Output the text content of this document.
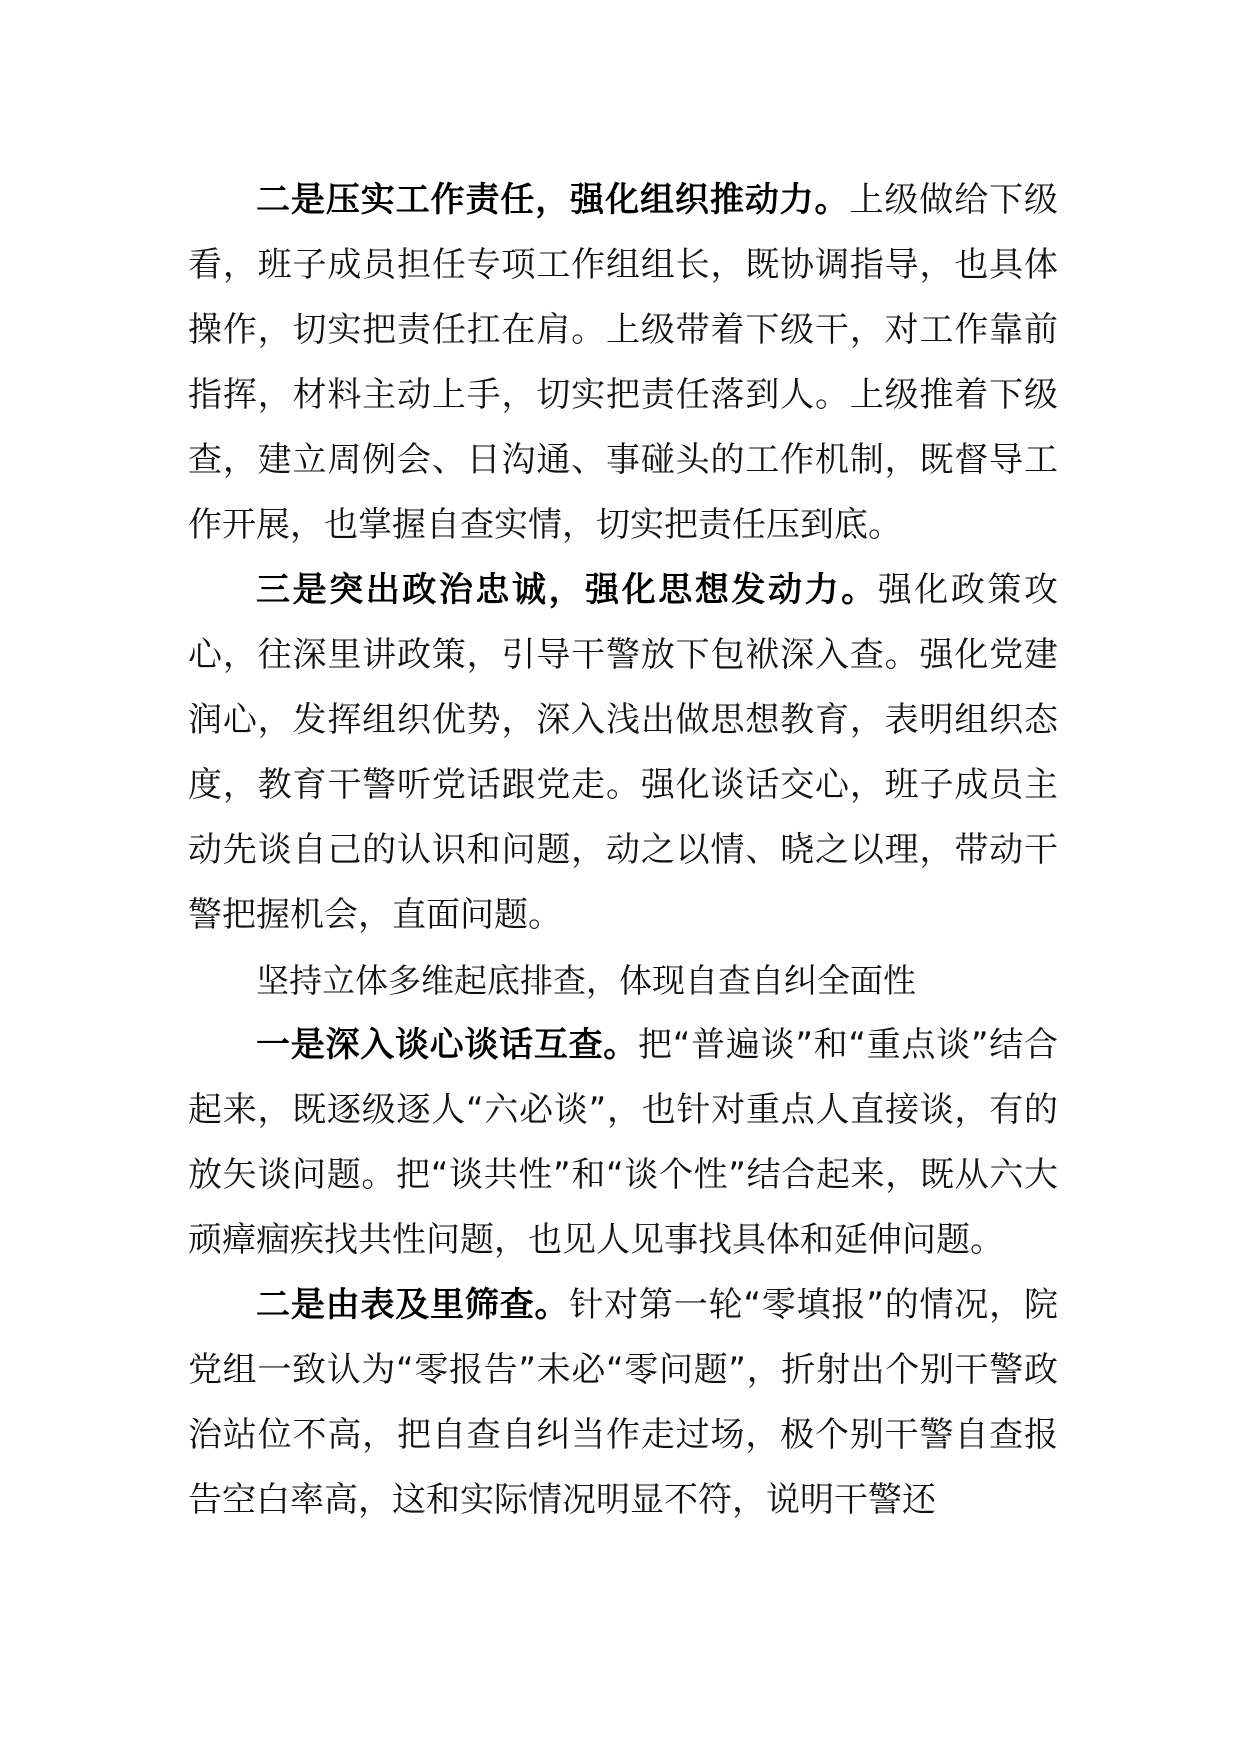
二是压实工作责任，强化组织推动力。上级做给下级看，班子成员担任专项工作组组长，既协调指导，也具体操作，切实把责任扛在肩。上级带着下级干，对工作靠前指挥，材料主动上手，切实把责任落到人。上级推着下级查，建立周例会、日沟通、事碰头的工作机制，既督导工作开展，也掌握自查实情，切实把责任压到底。

三是突出政治忠诚，强化思想发动力。强化政策攻心，往深里讲政策，引导干警放下包袱深入查。强化党建润心，发挥组织优势，深入浅出做思想教育，表明组织态度，教育干警听党话跟党走。强化谈话交心，班子成员主动先谈自己的认识和问题，动之以情、晓之以理，带动干警把握机会，直面问题。

坚持立体多维起底排查，体现自查自纠全面性

一是深入谈心谈话互查。把“普遍谈”和“重点谈”结合起来，既逐级逐人“六必谈”，也针对重点人直接谈，有的放矢谈问题。把“谈共性”和“谈个性”结合起来，既从六大顽瘴痼疾找共性问题，也见人见事找具体和延伸问题。

二是由表及里筛查。针对第一轮“零填报”的情况，院党组一致认为“零报告”未必“零问题”，折射出个别干警政治站位不高，把自查自纠当作走过场，极个别干警自查报告空白率高，这和实际情况明显不符，说明干警还
